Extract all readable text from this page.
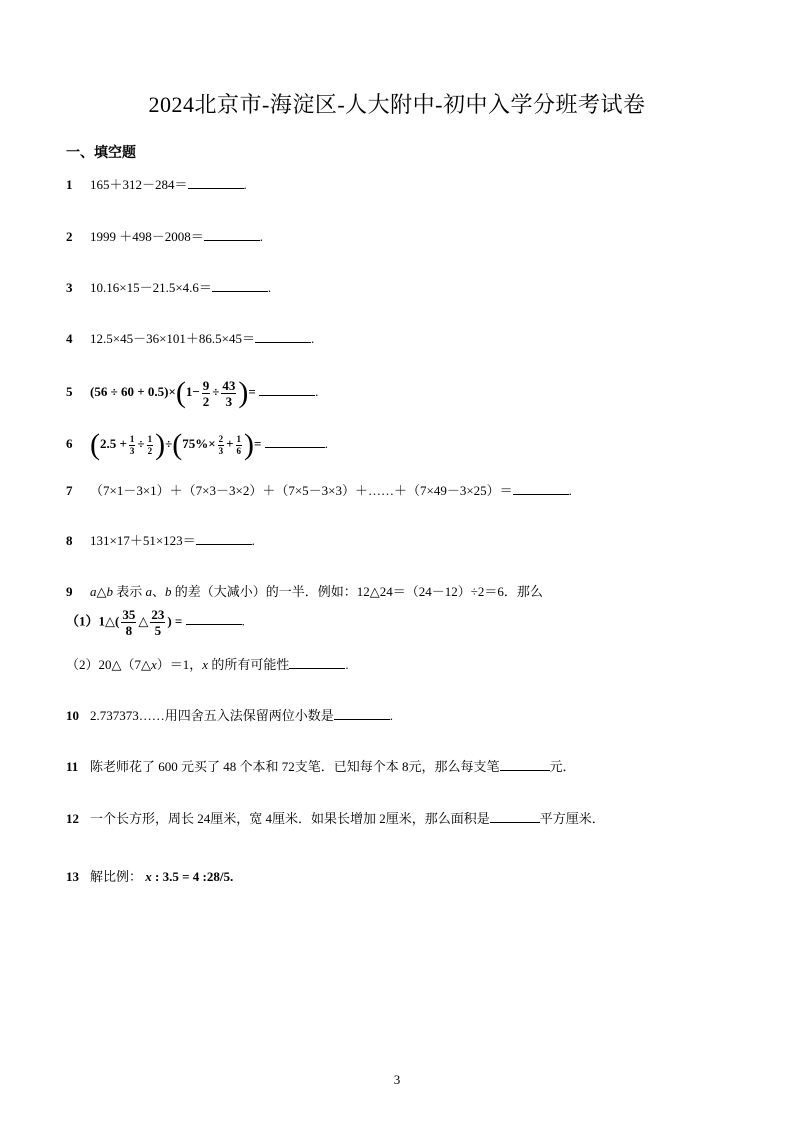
2024北京市-海淀区-人大附中-初中入学分班考试卷
一、填空题
1 165＋312－284＝	.
2 1999 ＋498－2008＝	.
3 10.16×15－21.5×4.6＝	.
4 12.5×45－36×101＋86.5×45＝	.
5 $(56 \div 60 + 0.5)\times(1- \frac{9}{2} \div \frac{43}{3}$ )=	.
6 $(2.5 + \frac{1}{3} \div \frac{1}{2} )\div(75\%\times \frac{2}{3} + \frac{1}{6}$ )=	.
7 （7×1－3×1）＋（7×3－3×2）＋（7×5－3×3）＋……＋（7×49－3×25）＝	.
8 131×17＋51×123＝	.
9 a△b 表示 a、b 的差（大减小）的一半．例如：12△24＝（24－12）÷2＝6．那么
（1）1△( $\frac{35}{8}$ △ $\frac{23}{5}$ ) =	.
（2）20△（7△x）＝1，x 的所有可能性	.
10 2.737373……用四舍五入法保留两位小数是	.
11 陈老师花了 600 元买了 48 个本和 72支笔．已知每个本 8元，那么每支笔	元．
12 一个长方形，周长 24厘米，宽 4厘米．如果长增加 2厘米，那么面积是	平方厘米．
13 解比例： x : 3.5 = 4 :28/5.
3
